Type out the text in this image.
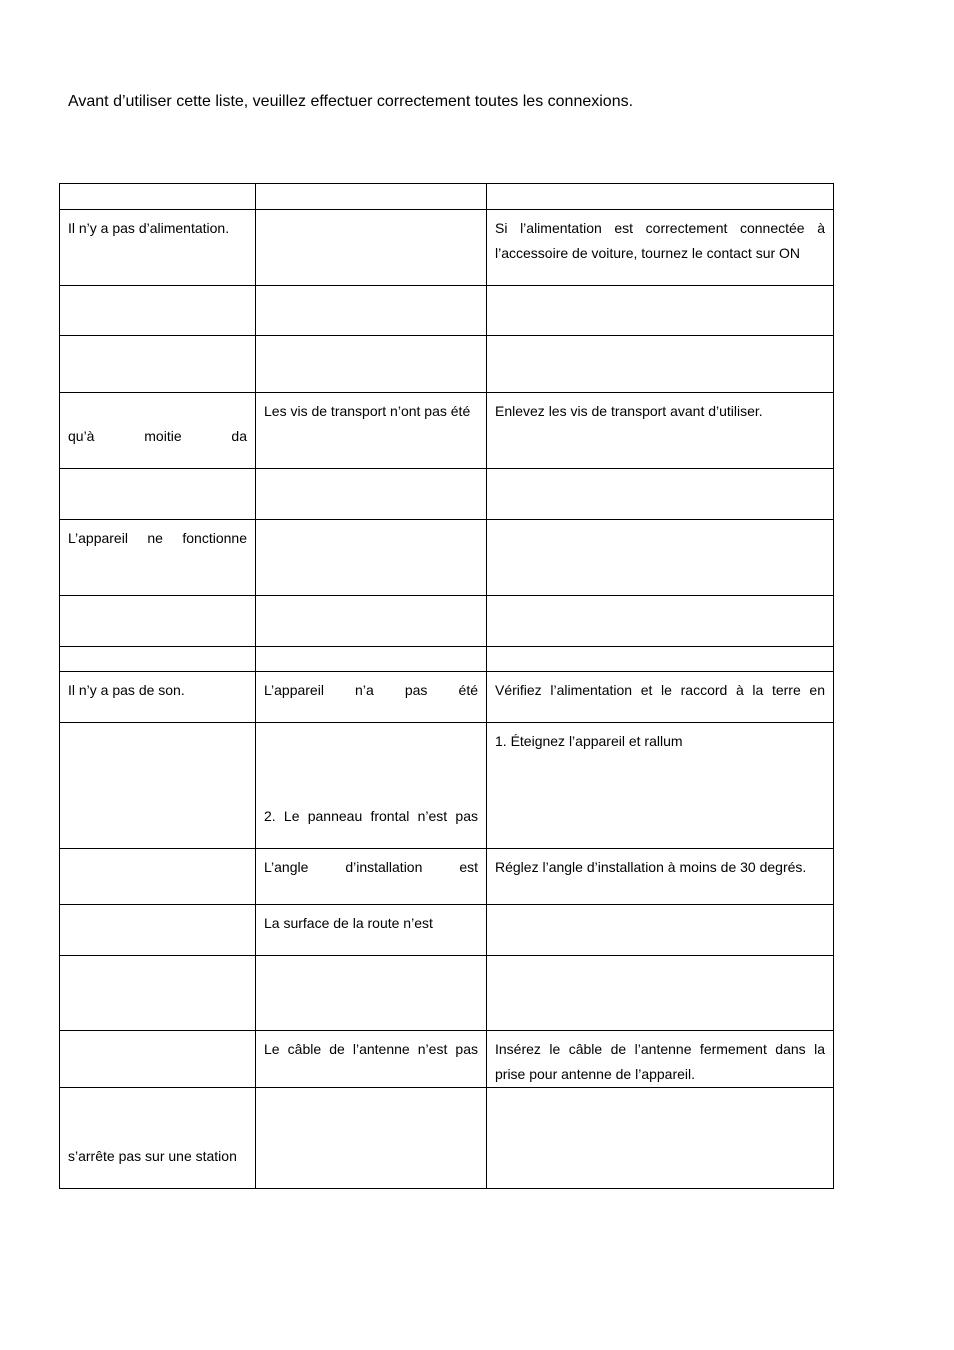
Avant d’utiliser cette liste, veuillez effectuer correctement toutes les connexions.

Il n’y a pas d’alimentation.		Si l’alimentation est correctement connectée à l’accessoire de voiture, tournez le contact sur ON

qu’à moitie da	Les vis de transport n’ont pas été	Enlevez les vis de transport avant d’utiliser.

L’appareil ne fonctionne		

Il n’y a pas de son.	L’appareil n’a pas été	Vérifiez l’alimentation et le raccord à la terre en
	2. Le panneau frontal n’est pas	1. Éteignez l’appareil et rallum
	L’angle d’installation est	Réglez l’angle d’installation à moins de 30 degrés.
	La surface de la route n’est	

	Le câble de l’antenne n’est pas	Insérez le câble de l’antenne fermement dans la prise pour antenne de l’appareil.
s’arrête pas sur une station		
